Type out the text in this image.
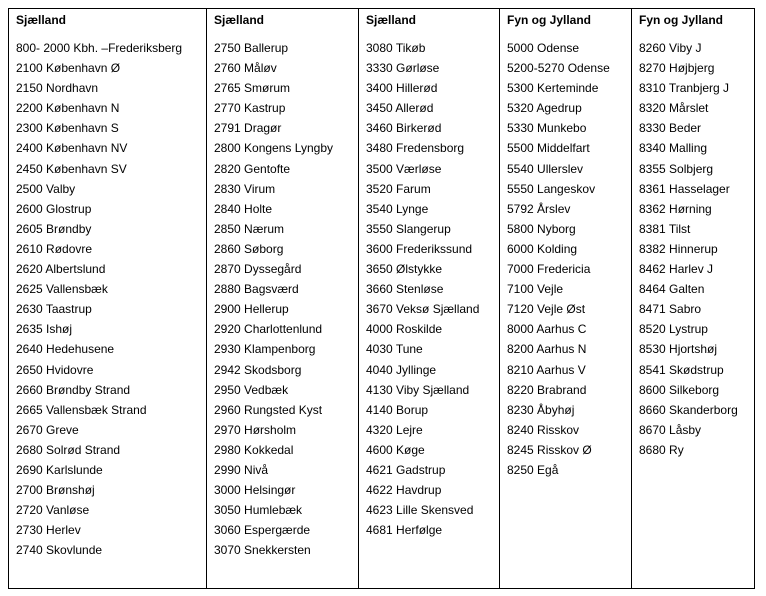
Sjælland
800- 2000 Kbh. –Frederiksberg
2100 København Ø
2150 Nordhavn
2200 København N
2300 København S
2400 København NV
2450 København SV
2500 Valby
2600 Glostrup
2605 Brøndby
2610 Rødovre
2620 Albertslund
2625 Vallensbæk
2630 Taastrup
2635 Ishøj
2640 Hedehusene
2650 Hvidovre
2660 Brøndby Strand
2665 Vallensbæk Strand
2670 Greve
2680 Solrød Strand
2690 Karlslunde
2700 Brønshøj
2720 Vanløse
2730 Herlev
2740 Skovlunde
Sjælland
2750 Ballerup
2760 Måløv
2765 Smørum
2770 Kastrup
2791 Dragør
2800 Kongens Lyngby
2820 Gentofte
2830 Virum
2840 Holte
2850 Nærum
2860 Søborg
2870 Dyssegård
2880 Bagsværd
2900 Hellerup
2920 Charlottenlund
2930 Klampenborg
2942 Skodsborg
2950 Vedbæk
2960 Rungsted Kyst
2970 Hørsholm
2980 Kokkedal
2990 Nivå
3000 Helsingør
3050 Humlebæk
3060 Espergærde
3070 Snekkersten
Sjælland
3080 Tikøb
3330 Gørløse
3400 Hillerød
3450 Allerød
3460 Birkerød
3480 Fredensborg
3500 Værløse
3520 Farum
3540 Lynge
3550 Slangerup
3600 Frederikssund
3650 Ølstykke
3660 Stenløse
3670 Veksø Sjælland
4000 Roskilde
4030 Tune
4040 Jyllinge
4130 Viby Sjælland
4140 Borup
4320 Lejre
4600 Køge
4621 Gadstrup
4622 Havdrup
4623 Lille Skensved
4681 Herfølge
Fyn og Jylland
5000 Odense
5200-5270 Odense
5300 Kerteminde
5320 Agedrup
5330 Munkebo
5500 Middelfart
5540 Ullerslev
5550 Langeskov
5792 Årslev
5800 Nyborg
6000 Kolding
7000 Fredericia
7100 Vejle
7120 Vejle Øst
8000 Aarhus C
8200 Aarhus N
8210 Aarhus V
8220 Brabrand
8230 Åbyhøj
8240 Risskov
8245 Risskov Ø
8250 Egå
Fyn og Jylland
8260 Viby J
8270 Højbjerg
8310 Tranbjerg J
8320 Mårslet
8330 Beder
8340 Malling
8355 Solbjerg
8361 Hasselager
8362 Hørning
8381 Tilst
8382 Hinnerup
8462 Harlev J
8464 Galten
8471 Sabro
8520 Lystrup
8530 Hjortshøj
8541 Skødstrup
8600 Silkeborg
8660 Skanderborg
8670 Låsby
8680 Ry
